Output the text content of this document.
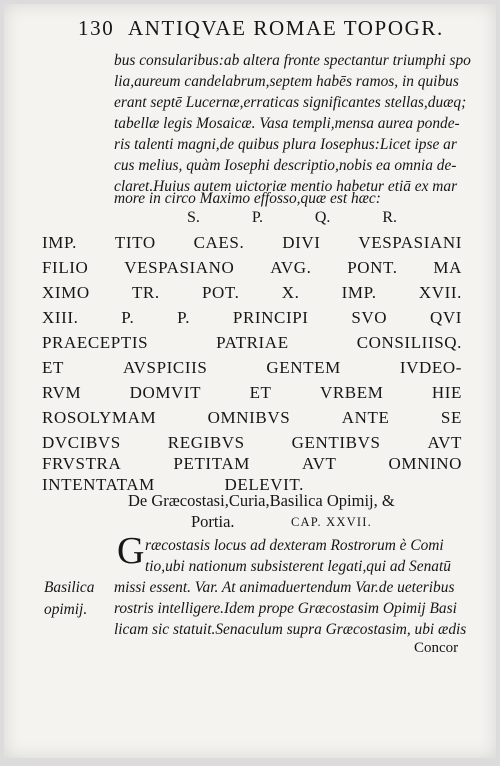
130 ANTIQVAE ROMAE TOPOGR.
bus consularibus:ab altera fronte spectantur triumphi spo
lia,aureum candelabrum,septem habēs ramos, in quibus
erant septē Lucernæ,erraticas significantes stellas,duæq;
tabellæ legis Mosaicæ. Vasa templi,mensa aurea ponde-
ris talenti magni,de quibus plura Iosephus:Licet ipse ar
cus melius, quàm Iosephi descriptio,nobis ea omnia de-
claret.Huius autem uictoriæ mentio habetur etiā ex mar
more in circo Maximo effosso,quæ est hæc:
S.	P.	Q.	R.
IMP. TITO CAES. DIVI VESPASIANI
FILIO VESPASIANO AVG. PONT. MA
XIMO TR. POT. X. IMP. XVII.
XIII.	P.	P.	PRINCIPI	SVO	QVI
PRAECEPTIS	PATRIAE	CONSILIISQ.
ET	AVSPICIIS	GENTEM	IVDEO-
RVM	DOMVIT	ET	VRBEM	HIE
ROSOLYMAM	OMNIBVS	ANTE	SE
DVCIBVS	REGIBVS	GENTIBVS	AVT
FRVSTRA	PETITAM	AVT	OMNINO
INTENTATAM	DELEVIT.
De Græcostasi,Curia,Basilica Opimij, &
Portia.	CAP. XXVII.
G ræcostasis locus ad dexteram Rostrorum è Comi
tio,ubi nationum subsisterent legati,qui ad Senatū
missi essent. Var. At animaduertendum Var.de ueteribus
rostris intelligere.Idem prope Græcostasim Opimij Basi
licam sic statuit.Senaculum supra Græcostasim, ubi ædis
Basilica
opimij.
Concor
